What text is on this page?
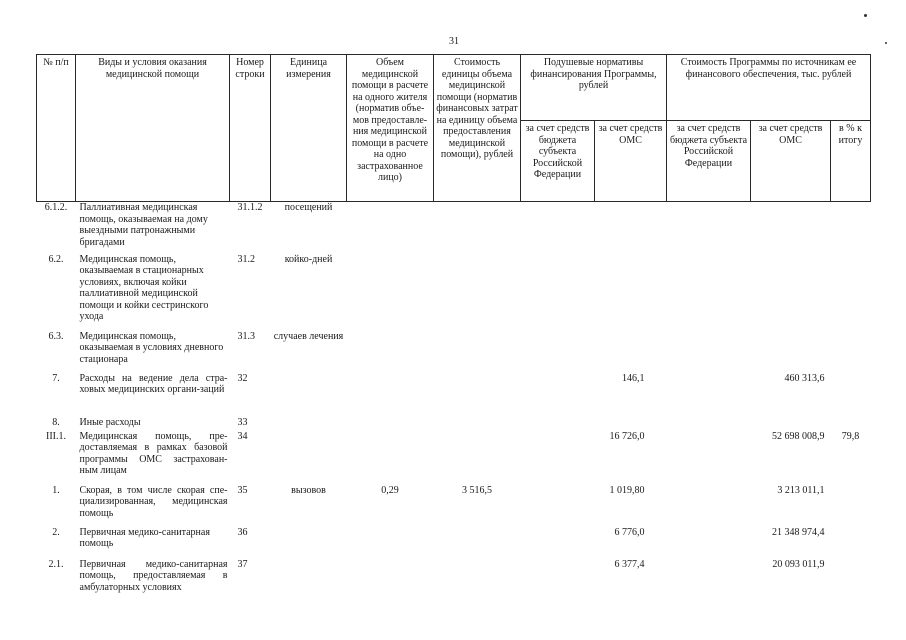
31
№ п/п	Виды и условия оказания медицинской помощи	Номер строки	Единица измерения	Объем медицинской помощи в расчете на одного жителя (норматив объе-мов предоставле-ния медицинской помощи в расчете на одно застрахованное лицо)	Стоимость единицы объема медицинской помощи (норматив финансовых затрат на единицу объема предоставления медицинской помощи), рублей	Подушевые нормативы финансирования Программы, рублей		Стоимость Программы по источникам ее финансового обеспечения, тыс. рублей		
						за счет средств бюджета субъекта Российской Федерации	за счет средств ОМС	за счет средств бюджета субъекта Российской Федерации	за счет средств ОМС	в % к итогу
6.1.2.	Паллиативная медицинская помощь, оказываемая на дому выездными патронажными бригадами	31.1.2	посещений							
6.2.	Медицинская помощь, оказываемая в стационарных условиях, включая койки паллиативной медицинской помощи и койки сестринского ухода	31.2	койко-дней							
6.3.	Медицинская помощь, оказываемая в условиях дневного стационара	31.3	случаев лечения							
7.	Расходы на ведение дела стра-ховых медицинских органи-заций	32					146,1		460 313,6	
8.	Иные расходы	33								
III.1.	Медицинская помощь, пре-доставляемая в рамках базовой программы ОМС застрахован-ным лицам	34					16 726,0		52 698 008,9	79,8
1.	Скорая, в том числе скорая спе-циализированная, медицинская помощь	35	вызовов	0,29	3 516,5		1 019,80		3 213 011,1	
2.	Первичная медико-санитарная помощь	36					6 776,0		21 348 974,4	
2.1.	Первичная медико-санитарная помощь, предоставляемая в амбулаторных условиях	37					6 377,4		20 093 011,9	
